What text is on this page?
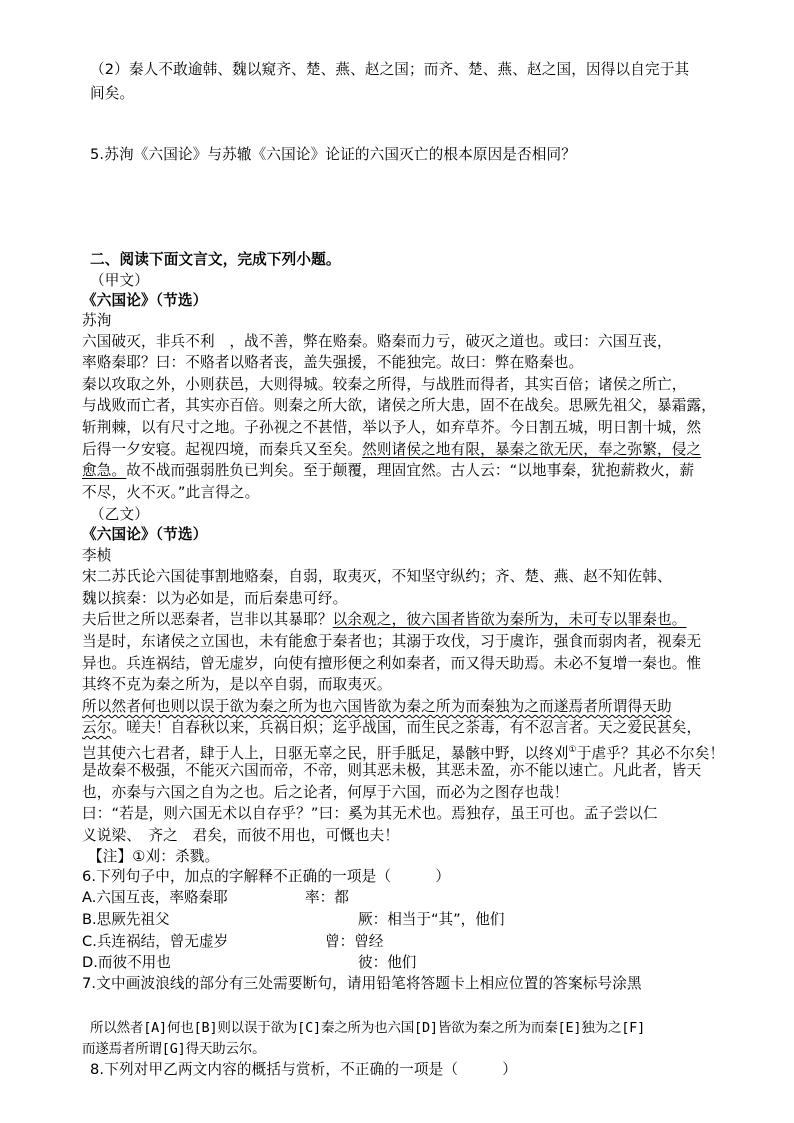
（2）秦人不敢逾韩、魏以窥齐、楚、燕、赵之国；而齐、楚、燕、赵之国，因得以自完于其
间矣。
5.苏洵《六国论》与苏辙《六国论》论证的六国灭亡的根本原因是否相同？
二、阅读下面文言文，完成下列小题。
（甲文）
《六国论》（节选）
苏洵
六国破灭，非兵不利　，战不善，弊在赂秦。赂秦而力亏，破灭之道也。或曰：六国互丧，
率赂秦耶？曰：不赂者以赂者丧，盖失强援，不能独完。故曰：弊在赂秦也。
秦以攻取之外，小则获邑，大则得城。较秦之所得，与战胜而得者，其实百倍；诸侯之所亡，
与战败而亡者，其实亦百倍。则秦之所大欲，诸侯之所大患，固不在战矣。思厥先祖父，暴霜露，
斩荆棘，以有尺寸之地。子孙视之不甚惜，举以予人，如弃草芥。今日割五城，明日割十城，然
后得一夕安寝。起视四境，而秦兵又至矣。然则诸侯之地有限，暴秦之欲无厌，奉之弥繁，侵之
愈急。故不战而强弱胜负已判矣。至于颠覆，理固宜然。古人云：“以地事秦，犹抱薪救火，薪
不尽，火不灭。”此言得之。
（乙文）
《六国论》（节选）
李桢
宋二苏氏论六国徒事割地赂秦，自弱，取夷灭，不知坚守纵约；齐、楚、燕、赵不知佐韩、
魏以摈秦：以为必如是，而后秦患可纾。
夫后世之所以恶秦者，岂非以其暴耶？以余观之，彼六国者皆欲为秦所为，未可专以罪秦也。
当是时，东诸侯之立国也，未有能愈于秦者也；其溺于攻伐，习于虞诈，强食而弱肉者，视秦无
异也。兵连祸结，曾无虚岁，向使有擅形便之利如秦者，而又得天助焉。未必不复增一秦也。惟
其终不克为秦之所为，是以卒自弱，而取夷灭。
所以然者何也则以误于欲为秦之所为也六国皆欲为秦之所为而秦独为之而遂焉者所谓得天助
云尔。嗟夫！自春秋以来，兵祸日炽；迄乎战国，而生民之荼毒，有不忍言者。天之爱民甚矣，
岂其使六七君者，肆于人上，日驱无辜之民，肝手胝足，暴骸中野，以终刈①于虐乎？其必不尔矣！
是故秦不极强，不能灭六国而帝，不帝，则其恶未极，其恶未盈，亦不能以速亡。凡此者，皆天
也，亦秦与六国之自为之也。后之论者，何厚于六国，而必为之图存也哉！
曰：“若是，则六国无术以自存乎？”曰：奚为其无术也。焉独存，虽王可也。孟子尝以仁
义说梁、　齐之　君矣，而彼不用也，可慨也夫！
【注】①刈：杀戮。
6.下列句子中，加点的字解释不正确的一项是（　　　）
A.六国互丧，率赂秦耶	率：都
B.思厥先祖父	厥：相当于“其”，他们
C.兵连祸结，曾无虚岁	曾：曾经
D.而彼不用也	彼：他们
7.文中画波浪线的部分有三处需要断句，请用铅笔将答题卡上相应位置的答案标号涂黑
所以然者[A]何也[B]则以误于欲为[C]秦之所为也六国[D]皆欲为秦之所为而秦[E]独为之[F]
而遂焉者所谓[G]得天助云尔。
8.下列对甲乙两文内容的概括与赏析，不正确的一项是（　　　）
